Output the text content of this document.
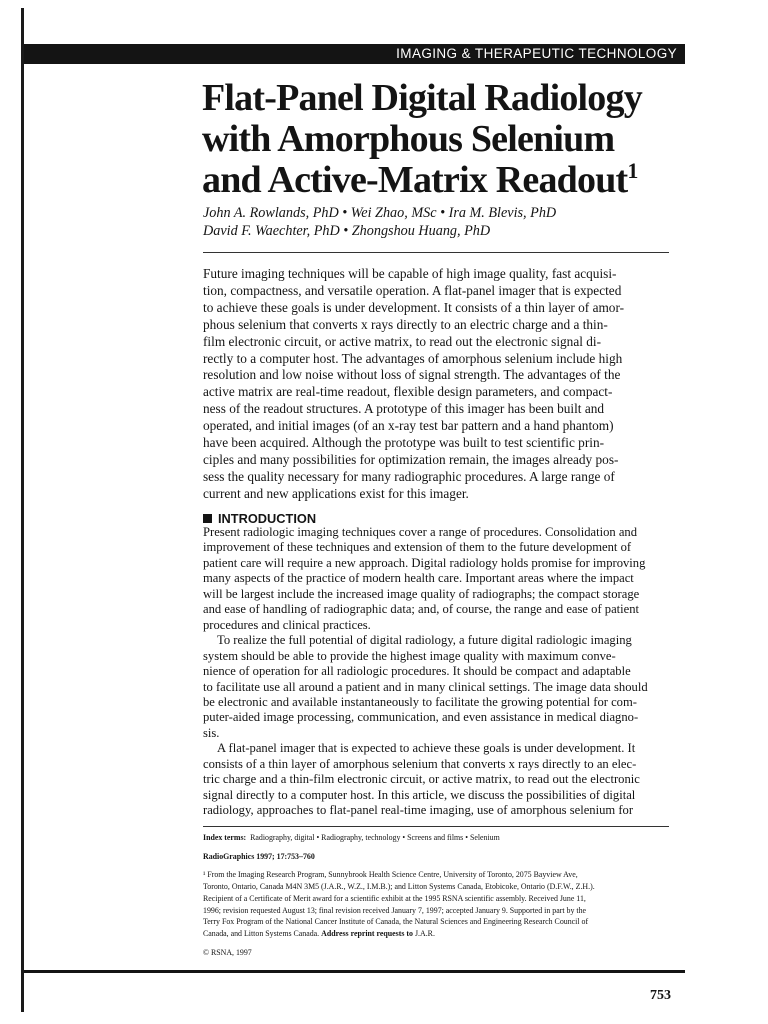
IMAGING & THERAPEUTIC TECHNOLOGY
Flat-Panel Digital Radiology
with Amorphous Selenium
and Active-Matrix Readout$^1$
John A. Rowlands, PhD • Wei Zhao, MSc • Ira M. Blevis, PhD
David F. Waechter, PhD • Zhongshou Huang, PhD
Future imaging techniques will be capable of high image quality, fast acquisi-
tion, compactness, and versatile operation. A flat-panel imager that is expected
to achieve these goals is under development. It consists of a thin layer of amor-
phous selenium that converts x rays directly to an electric charge and a thin-
film electronic circuit, or active matrix, to read out the electronic signal di-
rectly to a computer host. The advantages of amorphous selenium include high
resolution and low noise without loss of signal strength. The advantages of the
active matrix are real-time readout, flexible design parameters, and compact-
ness of the readout structures. A prototype of this imager has been built and
operated, and initial images (of an x-ray test bar pattern and a hand phantom)
have been acquired. Although the prototype was built to test scientific prin-
ciples and many possibilities for optimization remain, the images already pos-
sess the quality necessary for many radiographic procedures. A large range of
current and new applications exist for this imager.
INTRODUCTION
Present radiologic imaging techniques cover a range of procedures. Consolidation and
improvement of these techniques and extension of them to the future development of
patient care will require a new approach. Digital radiology holds promise for improving
many aspects of the practice of modern health care. Important areas where the impact
will be largest include the increased image quality of radiographs; the compact storage
and ease of handling of radiographic data; and, of course, the range and ease of patient
procedures and clinical practices.
To realize the full potential of digital radiology, a future digital radiologic imaging
system should be able to provide the highest image quality with maximum conve-
nience of operation for all radiologic procedures. It should be compact and adaptable
to facilitate use all around a patient and in many clinical settings. The image data should
be electronic and available instantaneously to facilitate the growing potential for com-
puter-aided image processing, communication, and even assistance in medical diagno-
sis.
A flat-panel imager that is expected to achieve these goals is under development. It
consists of a thin layer of amorphous selenium that converts x rays directly to an elec-
tric charge and a thin-film electronic circuit, or active matrix, to read out the electronic
signal directly to a computer host. In this article, we discuss the possibilities of digital
radiology, approaches to flat-panel real-time imaging, use of amorphous selenium for
Index terms: Radiography, digital • Radiography, technology • Screens and films • Selenium
RadioGraphics 1997; 17:753–760
¹ From the Imaging Research Program, Sunnybrook Health Science Centre, University of Toronto, 2075 Bayview Ave,
Toronto, Ontario, Canada M4N 3M5 (J.A.R., W.Z., I.M.B.); and Litton Systems Canada, Etobicoke, Ontario (D.F.W., Z.H.).
Recipient of a Certificate of Merit award for a scientific exhibit at the 1995 RSNA scientific assembly. Received June 11,
1996; revision requested August 13; final revision received January 7, 1997; accepted January 9. Supported in part by the
Terry Fox Program of the National Cancer Institute of Canada, the Natural Sciences and Engineering Research Council of
Canada, and Litton Systems Canada. Address reprint requests to J.A.R.
© RSNA, 1997
753
